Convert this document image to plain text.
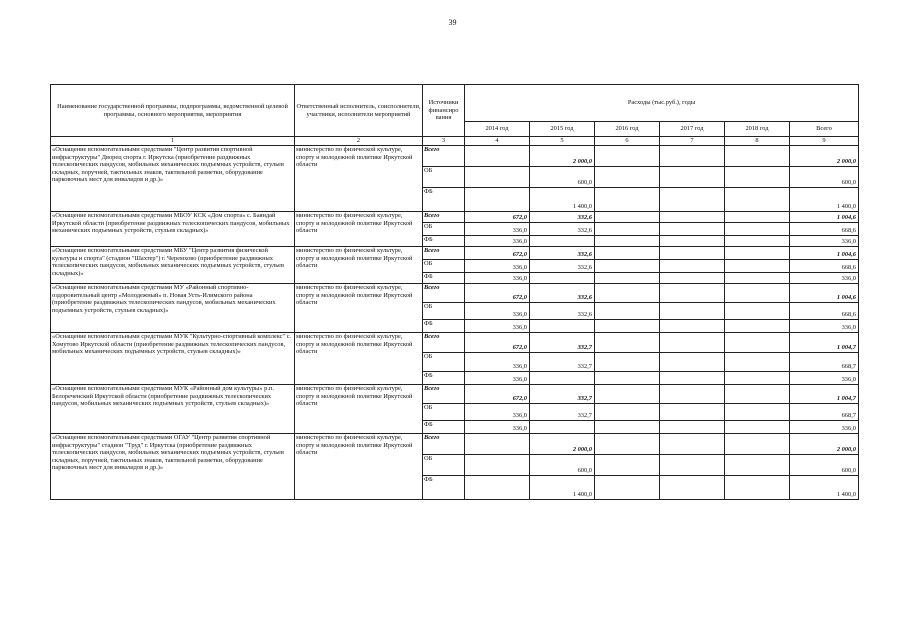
39
Наименование государственной программы, подпрограммы, ведомственной целевой программы, основного мероприятия, мероприятия	Ответственный исполнитель, соисполнители, участники, исполнители мероприятий	Источники финансиро вания	Расходы (тыс.руб.), годы					
			2014 год	2015 год	2016 год	2017 год	2018 год	Всего
1	2	3	4	5	6	7	8	9
«Оснащение вспомогательными средствами "Центр развития спортивной инфраструктуры" Дворец спорта г. Иркутска (приобретение раздвижных телескопических пандусов, мобильных механических подъемных устройств, стульев складных, поручней, тактильных знаков, тактильной разметки, оборудование парковочных мест для инвалидов и др.)»	министерство по физической культуре, спорту и молодежной политике Иркутской области	Всего		2 000,0				2 000,0
		ОБ		600,0				600,0
		ФБ		1 400,0				1 400,0
«Оснащение вспомогательными средствами МБОУ КСК «Дом спорта» с. Баяндай Иркутской области (приобретение раздвижных телескопических пандусов, мобильных механических подъемных устройств, стульев складных)»	министерство по физической культуре, спорту и молодежной политике Иркутской области	Всего	672,0	332,6				1 004,6
		ОБ	336,0	332,6				668,6
		ФБ	336,0					336,0
«Оснащение вспомогательными средствами МБУ "Центр развития физической культуры и спорта" (стадион "Шахтер") г. Черемхово (приобретение раздвижных телескопических пандусов, мобильных механических подъемных устройств, стульев складных)»	министерство по физической культуре, спорту и молодежной политике Иркутской области	Всего	672,0	332,6				1 004,6
		ОБ	336,0	332,6				668,6
		ФБ	336,0					336,0
«Оснащение вспомогательными средствами МУ «Районный спортивно-оздоровительный центр «Молодежный» п. Новая Усть-Илимского района (приобретение раздвижных телескопических пандусов, мобильных механических подъемных устройств, стульев складных)»	министерство по физической культуре, спорту и молодежной политике Иркутской области	Всего	672,0	332,6				1 004,6
		ОБ	336,0	332,6				668,6
		ФБ	336,0					336,0
«Оснащение вспомогательными средствами МУК "Культурно-спортивный комплекс" с. Хомутово Иркутской области (приобретение раздвижных телескопических пандусов, мобильных механических подъемных устройств, стульев складных)»	министерство по физической культуре, спорту и молодежной политике Иркутской области	Всего	672,0	332,7				1 004,7
		ОБ	336,0	332,7				668,7
		ФБ	336,0					336,0
«Оснащение вспомогательными средствами МУК «Районный дом культуры» р.п. Белореченский Иркутской области (приобретение раздвижных телескопических пандусов, мобильных механических подъемных устройств, стульев складных)»	министерство по физической культуре, спорту и молодежной политике Иркутской области	Всего	672,0	332,7				1 004,7
		ОБ	336,0	332,7				668,7
		ФБ	336,0					336,0
«Оснащение вспомогательными средствами ОГАУ "Центр развития спортивной инфраструктуры" стадион "Труд" г. Иркутска (приобретение раздвижных телескопических пандусов, мобильных механических подъемных устройств, стульев складных, поручней, тактильных знаков, тактильной разметки, оборудование парковочных мест для инвалидов и др.)»	министерство по физической культуре, спорту и молодежной политике Иркутской области	Всего		2 000,0				2 000,0
		ОБ		600,0				600,0
		ФБ		1 400,0				1 400,0
